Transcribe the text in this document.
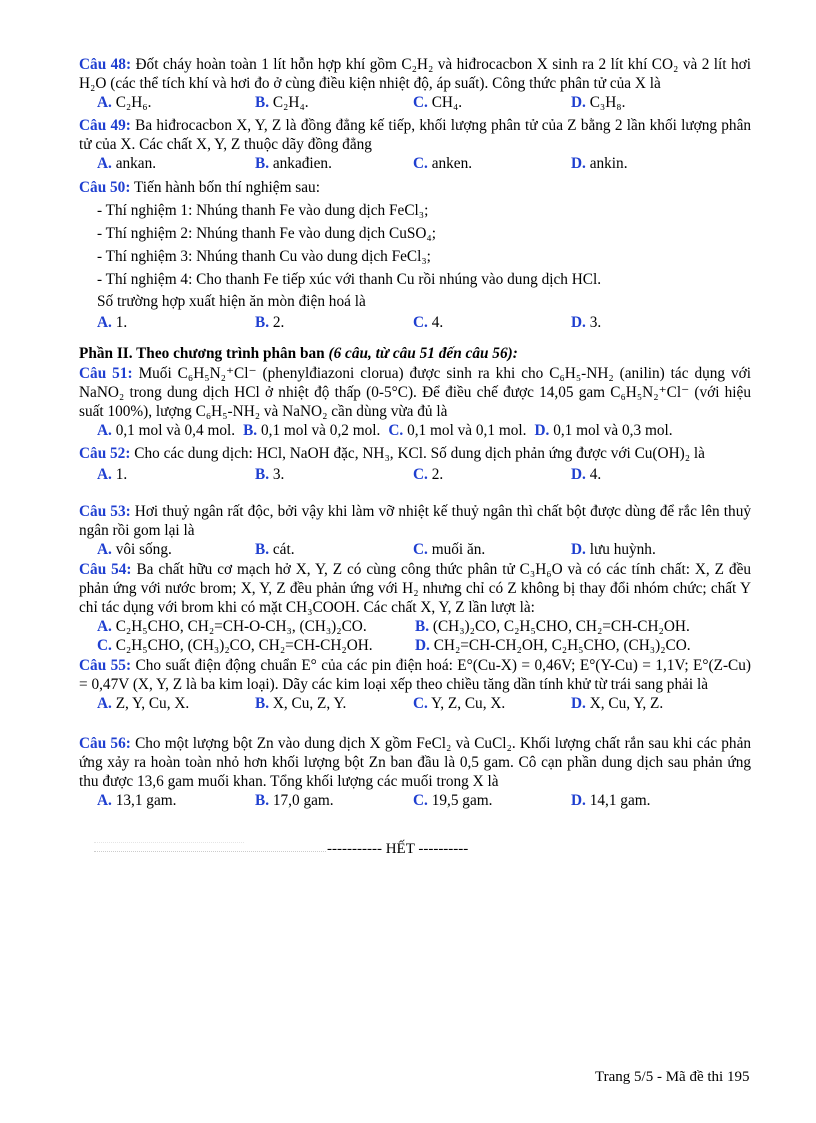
Câu 48: Đốt cháy hoàn toàn 1 lít hỗn hợp khí gồm C₂H₂ và hiđrocacbon X sinh ra 2 lít khí CO₂ và 2 lít hơi H₂O (các thể tích khí và hơi đo ở cùng điều kiện nhiệt độ, áp suất). Công thức phân tử của X là

A. C₂H₆.	B. C₂H₄.	C. CH₄.	D. C₃H₈.

Câu 49: Ba hiđrocacbon X, Y, Z là đồng đẳng kế tiếp, khối lượng phân tử của Z bằng 2 lần khối lượng phân tử của X. Các chất X, Y, Z thuộc dãy đồng đẳng

A. ankan.	B. ankađien.	C. anken.	D. ankin.

Câu 50: Tiến hành bốn thí nghiệm sau:

- Thí nghiệm 1: Nhúng thanh Fe vào dung dịch FeCl₃;

- Thí nghiệm 2: Nhúng thanh Fe vào dung dịch CuSO₄;

- Thí nghiệm 3: Nhúng thanh Cu vào dung dịch FeCl₃;

- Thí nghiệm 4: Cho thanh Fe tiếp xúc với thanh Cu rồi nhúng vào dung dịch HCl.

Số trường hợp xuất hiện ăn mòn điện hoá là

A. 1.	B. 2.	C. 4.	D. 3.
Phần II. Theo chương trình phân ban (6 câu, từ câu 51 đến câu 56):

Câu 51: Muối C₆H₅N₂⁺Cl⁻ (phenylđiazoni clorua) được sinh ra khi cho C₆H₅-NH₂ (anilin) tác dụng với NaNO₂ trong dung dịch HCl ở nhiệt độ thấp (0-5°C). Để điều chế được 14,05 gam C₆H₅N₂⁺Cl⁻ (với hiệu suất 100%), lượng C₆H₅-NH₂ và NaNO₂ cần dùng vừa đủ là

A. 0,1 mol và 0,4 mol. B. 0,1 mol và 0,2 mol. C. 0,1 mol và 0,1 mol. D. 0,1 mol và 0,3 mol.

Câu 52: Cho các dung dịch: HCl, NaOH đặc, NH₃, KCl. Số dung dịch phản ứng được với Cu(OH)₂ là

A. 1.	B. 3.	C. 2.	D. 4.

Câu 53: Hơi thuỷ ngân rất độc, bởi vậy khi làm vỡ nhiệt kế thuỷ ngân thì chất bột được dùng để rắc lên thuỷ ngân rồi gom lại là

A. vôi sống.	B. cát.	C. muối ăn.	D. lưu huỳnh.

Câu 54: Ba chất hữu cơ mạch hở X, Y, Z có cùng công thức phân tử C₃H₆O và có các tính chất: X, Z đều phản ứng với nước brom; X, Y, Z đều phản ứng với H₂ nhưng chỉ có Z không bị thay đổi nhóm chức; chất Y chỉ tác dụng với brom khi có mặt CH₃COOH. Các chất X, Y, Z lần lượt là:

A. C₂H₅CHO, CH₂=CH-O-CH₃, (CH₃)₂CO.	B. (CH₃)₂CO, C₂H₅CHO, CH₂=CH-CH₂OH.
C. C₂H₅CHO, (CH₃)₂CO, CH₂=CH-CH₂OH.	D. CH₂=CH-CH₂OH, C₂H₅CHO, (CH₃)₂CO.

Câu 55: Cho suất điện động chuẩn E° của các pin điện hoá: E°(Cu-X) = 0,46V; E°(Y-Cu) = 1,1V; E°(Z-Cu) = 0,47V (X, Y, Z là ba kim loại). Dãy các kim loại xếp theo chiều tăng dần tính khử từ trái sang phải là

A. Z, Y, Cu, X.	B. X, Cu, Z, Y.	C. Y, Z, Cu, X.	D. X, Cu, Y, Z.

Câu 56: Cho một lượng bột Zn vào dung dịch X gồm FeCl₂ và CuCl₂. Khối lượng chất rắn sau khi các phản ứng xảy ra hoàn toàn nhỏ hơn khối lượng bột Zn ban đầu là 0,5 gam. Cô cạn phần dung dịch sau phản ứng thu được 13,6 gam muối khan. Tổng khối lượng các muối trong X là

A. 13,1 gam.	B. 17,0 gam.	C. 19,5 gam.	D. 14,1 gam.
----------- HẾT ----------
Trang 5/5 - Mã đề thi 195
